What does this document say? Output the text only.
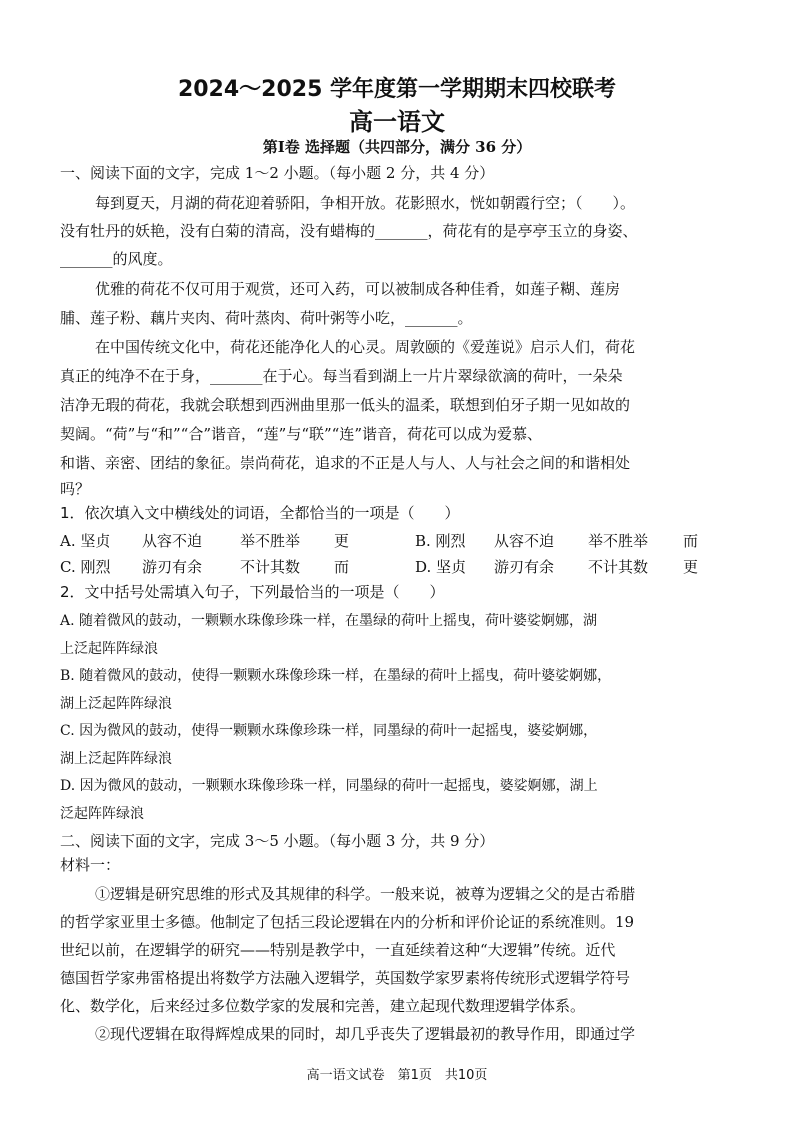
2024～2025 学年度第一学期期末四校联考
高一语文
第Ⅰ卷 选择题（共四部分，满分 36 分）
一、阅读下面的文字，完成 1～2 小题。（每小题 2 分，共 4 分）
每到夏天，月湖的荷花迎着骄阳，争相开放。花影照水，恍如朝霞行空；（　　）。
没有牡丹的妖艳，没有白菊的清高，没有蜡梅的_______，荷花有的是亭亭玉立的身姿、
_______的风度。
优雅的荷花不仅可用于观赏，还可入药，可以被制成各种佳肴，如莲子糊、莲房
脯、莲子粉、藕片夹肉、荷叶蒸肉、荷叶粥等小吃，_______。
在中国传统文化中，荷花还能净化人的心灵。周敦颐的《爱莲说》启示人们，荷花
真正的纯净不在于身，_______在于心。每当看到湖上一片片翠绿欲滴的荷叶，一朵朵
洁净无瑕的荷花，我就会联想到西洲曲里那一低头的温柔，联想到伯牙子期一见如故的
契阔。“荷”与“和”“合”谐音，“莲”与“联”“连”谐音，荷花可以成为爱慕、
和谐、亲密、团结的象征。崇尚荷花，追求的不正是人与人、人与社会之间的和谐相处
吗？
1．依次填入文中横线处的词语，全都恰当的一项是（　　）
A. 坚贞 从容不迫	举不胜举 更	B. 刚烈 从容不迫 举不胜举 而
C. 刚烈 游刃有余	不计其数 而	D. 坚贞 游刃有余 不计其数 更
2．文中括号处需填入句子，下列最恰当的一项是（　　）
A. 随着微风的鼓动，一颗颗水珠像珍珠一样，在墨绿的荷叶上摇曳，荷叶婆娑婀娜，湖
上泛起阵阵绿浪
B. 随着微风的鼓动，使得一颗颗水珠像珍珠一样，在墨绿的荷叶上摇曳，荷叶婆娑婀娜，
湖上泛起阵阵绿浪
C. 因为微风的鼓动，使得一颗颗水珠像珍珠一样，同墨绿的荷叶一起摇曳，婆娑婀娜，
湖上泛起阵阵绿浪
D. 因为微风的鼓动，一颗颗水珠像珍珠一样，同墨绿的荷叶一起摇曳，婆娑婀娜，湖上
泛起阵阵绿浪
二、阅读下面的文字，完成 3～5 小题。（每小题 3 分，共 9 分）
材料一：
①逻辑是研究思维的形式及其规律的科学。一般来说，被尊为逻辑之父的是古希腊
的哲学家亚里士多德。他制定了包括三段论逻辑在内的分析和评价论证的系统准则。19
世纪以前，在逻辑学的研究——特别是教学中，一直延续着这种“大逻辑”传统。近代
德国哲学家弗雷格提出将数学方法融入逻辑学，英国数学家罗素将传统形式逻辑学符号
化、数学化，后来经过多位数学家的发展和完善，建立起现代数理逻辑学体系。
②现代逻辑在取得辉煌成果的同时，却几乎丧失了逻辑最初的教导作用，即通过学
高一语文试卷　第1页　共10页
